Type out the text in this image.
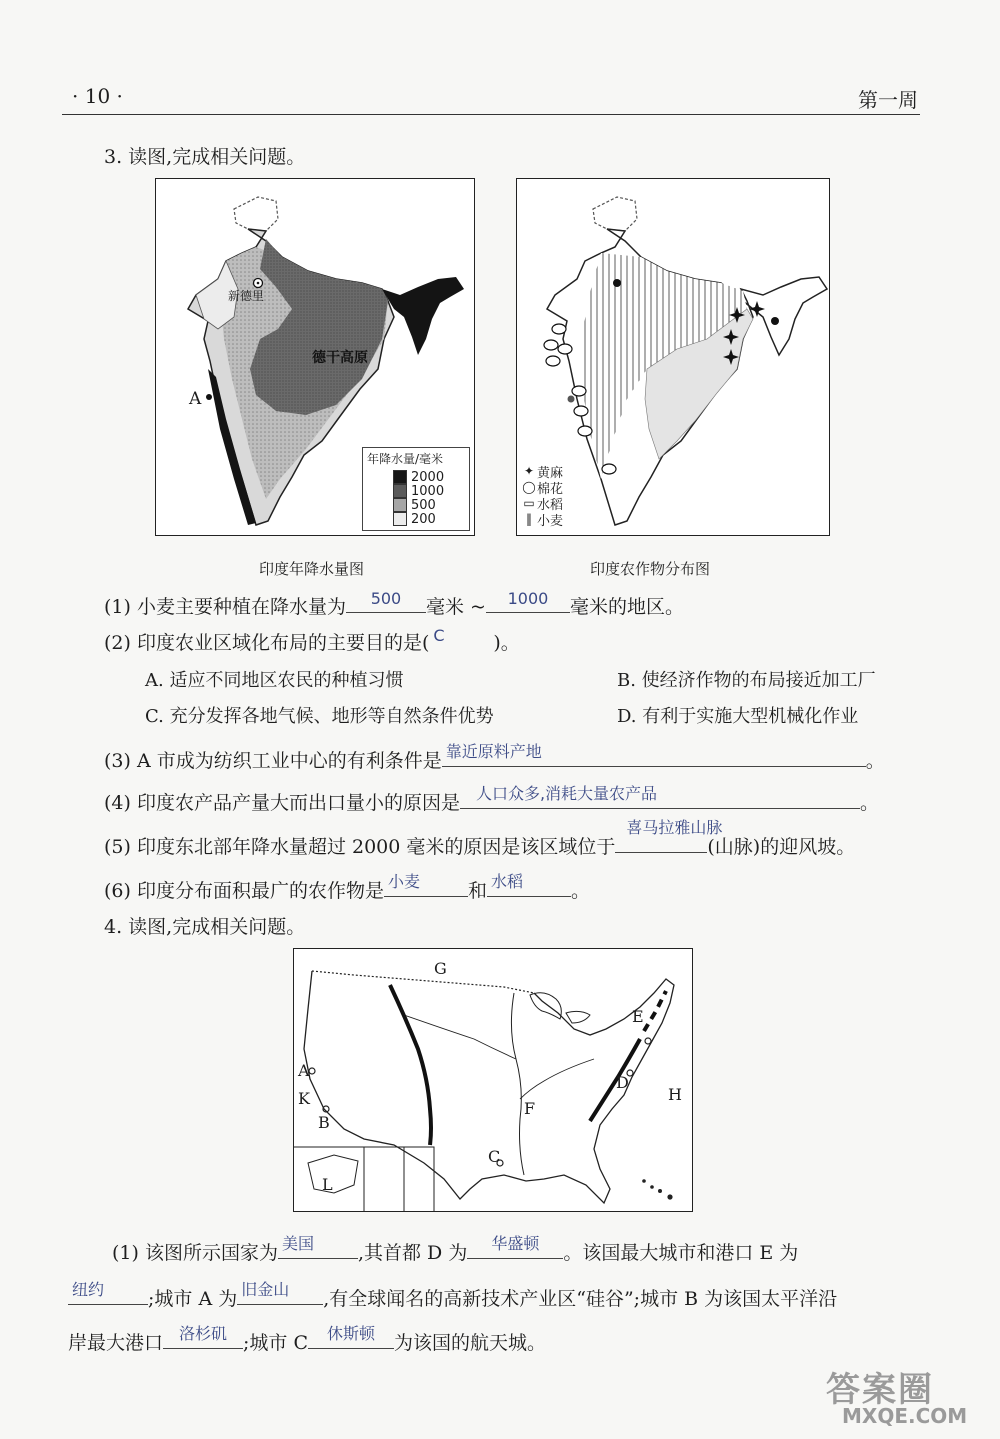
· 10 ·	第一周
3. 读图,完成相关问题。
新德里
德干高原
A
年降水量/毫米
2000
1000
500
200
印度年降水量图
✦ 黄麻
◯ 棉花
▭ 水稻
‖ 小麦
印度农作物分布图
(1) 小麦主要种植在降水量为	500	毫米 ~	1000	毫米的地区。
(2) 印度农业区域化布局的主要目的是( C	)。
A. 适应不同地区农民的种植习惯	B. 使经济作物的布局接近加工厂
C. 充分发挥各地气候、地形等自然条件优势	D. 有利于实施大型机械化作业
(3) A 市成为纺织工业中心的有利条件是 靠近原料产地	。
(4) 印度农产品产量大而出口量小的原因是	人口众多,消耗大量农产品	。
(5) 印度东北部年降水量超过 2000 毫米的原因是该区域位于
喜马拉雅山脉
(山脉)的迎风坡。
(6) 印度分布面积最广的农作物是 小麦	和 水稻	。
4. 读图,完成相关问题。
G
A
K
B
C
F
E
D
H
L
(1) 该图所示国家为 美国	,其首都 D 为	华盛顿	。该国最大城市和港口 E 为
纽约	;城市 A 为 旧金山	,有全球闻名的高新技术产业区“硅谷”;城市 B 为该国太平洋沿
岸最大港口 洛杉矶 ;城市 C	休斯顿	为该国的航天城。
答案圈
MXQE.COM
